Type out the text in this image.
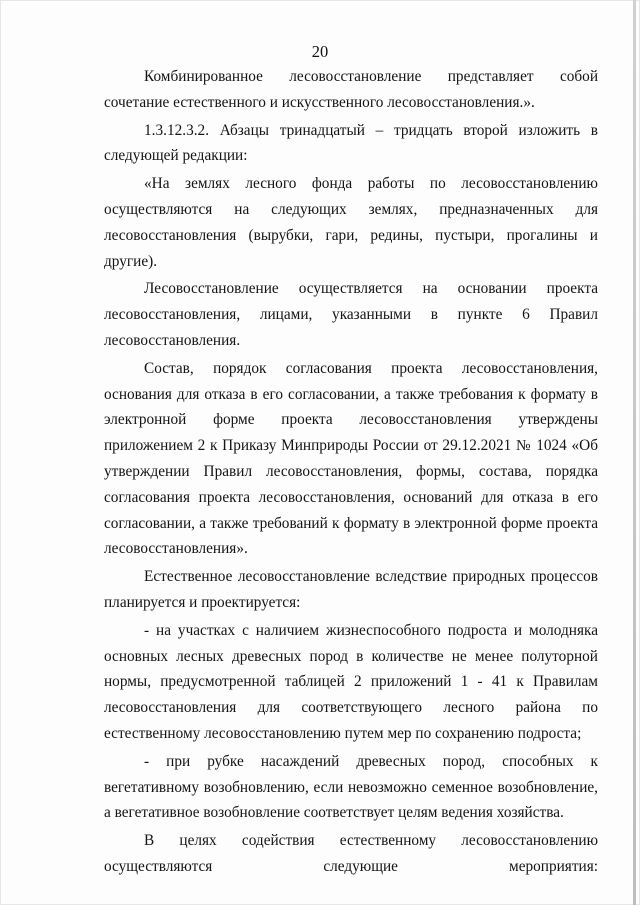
20

Комбинированное лесовосстановление представляет собой сочетание естественного и искусственного лесовосстановления.».

1.3.12.3.2. Абзацы тринадцатый – тридцать второй изложить в следующей редакции:

«На землях лесного фонда работы по лесовосстановлению осуществляются на следующих землях, предназначенных для лесовосстановления (вырубки, гари, редины, пустыри, прогалины и другие).

Лесовосстановление осуществляется на основании проекта лесовосстановления, лицами, указанными в пункте 6 Правил лесовосстановления.

Состав, порядок согласования проекта лесовосстановления, основания для отказа в его согласовании, а также требования к формату в электронной форме проекта лесовосстановления утверждены приложением 2 к Приказу Минприроды России от 29.12.2021 № 1024 «Об утверждении Правил лесовосстановления, формы, состава, порядка согласования проекта лесовосстановления, оснований для отказа в его согласовании, а также требований к формату в электронной форме проекта лесовосстановления».

Естественное лесовосстановление вследствие природных процессов планируется и проектируется:

- на участках с наличием жизнеспособного подроста и молодняка основных лесных древесных пород в количестве не менее полуторной нормы, предусмотренной таблицей 2 приложений 1 - 41 к Правилам лесовосстановления для соответствующего лесного района по естественному лесовосстановлению путем мер по сохранению подроста;

- при рубке насаждений древесных пород, способных к вегетативному возобновлению, если невозможно семенное возобновление, а вегетативное возобновление соответствует целям ведения хозяйства.

В целях содействия естественному лесовосстановлению осуществляются следующие мероприятия:
